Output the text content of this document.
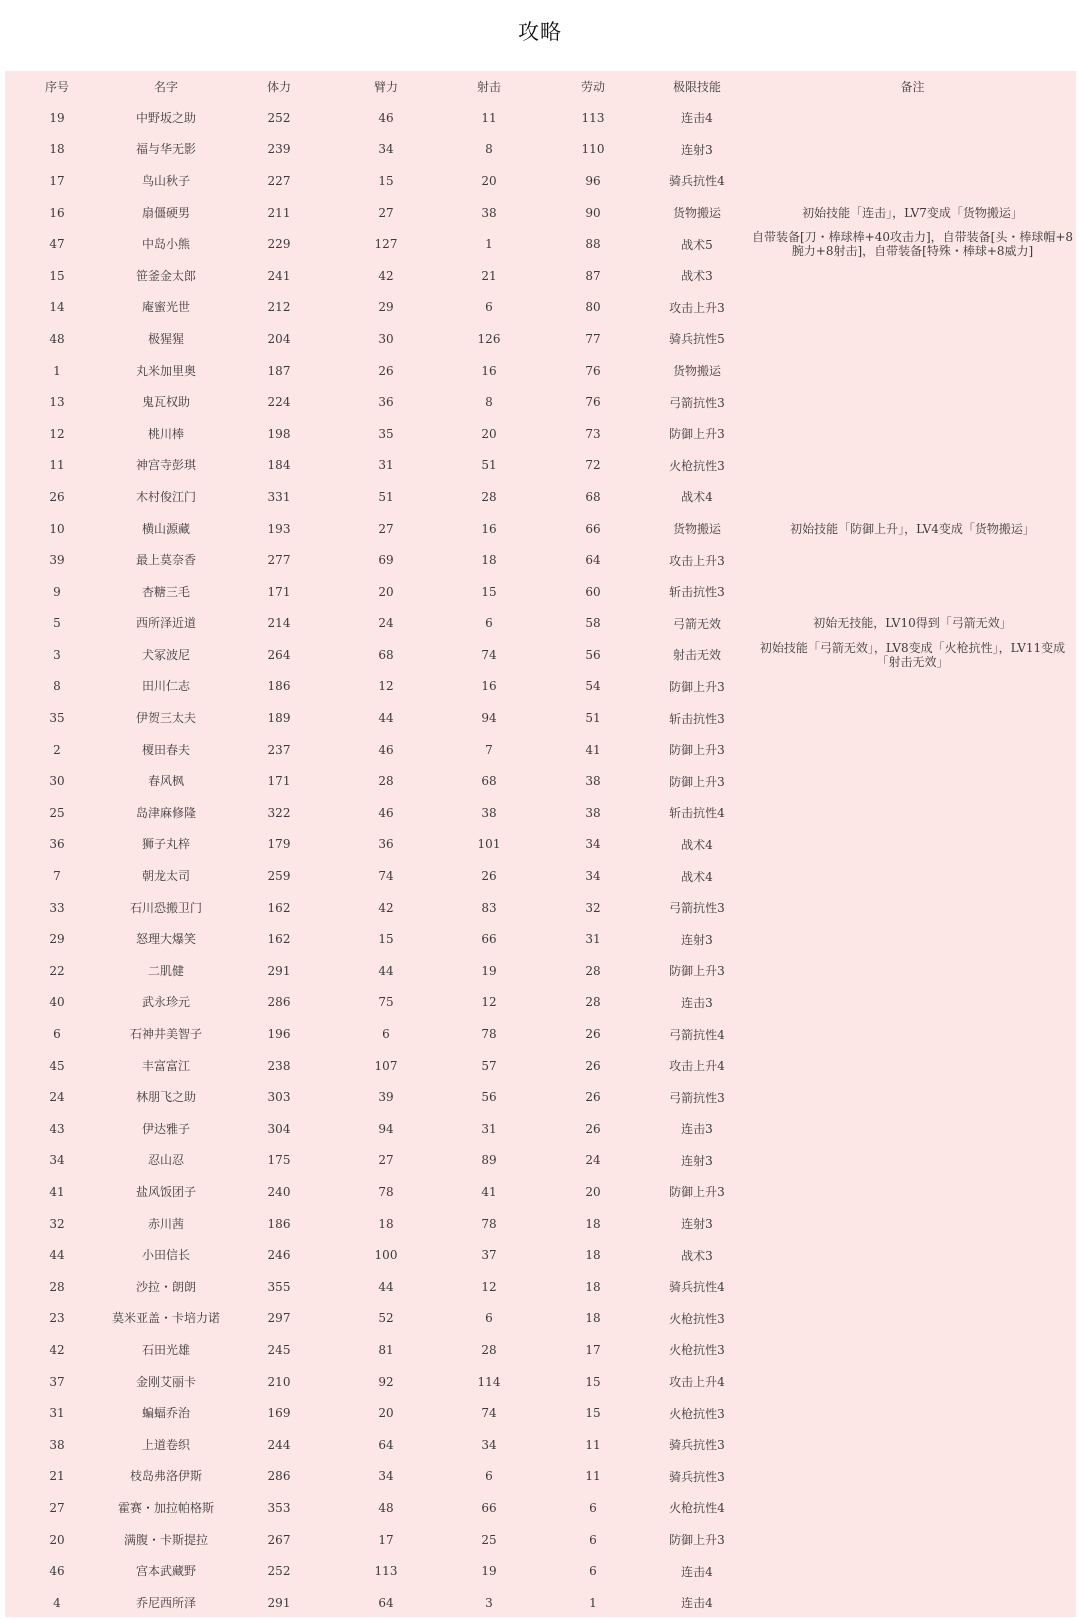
攻略
序号	名字	体力	臂力	射击	劳动	极限技能	备注
19	中野坂之助	252	46	11	113	连击4	
18	福与华无影	239	34	8	110	连射3	
17	鸟山秋子	227	15	20	96	骑兵抗性4	
16	扇僵硬男	211	27	38	90	货物搬运	初始技能「连击」，LV7变成「货物搬运」
47	中岛小熊	229	127	1	88	战术5	自带装备[刀・棒球棒+40攻击力]，自带装备[头・棒球帽+8腕力+8射击]，自带装备[特殊・棒球+8威力]
15	笹釜金太郎	241	42	21	87	战术3	
14	庵蜜光世	212	29	6	80	攻击上升3	
48	极猩猩	204	30	126	77	骑兵抗性5	
1	丸米加里奥	187	26	16	76	货物搬运	
13	鬼瓦权助	224	36	8	76	弓箭抗性3	
12	桃川棒	198	35	20	73	防御上升3	
11	神宫寺彭琪	184	31	51	72	火枪抗性3	
26	木村俊江门	331	51	28	68	战术4	
10	横山源藏	193	27	16	66	货物搬运	初始技能「防御上升」，LV4变成「货物搬运」
39	最上莫奈香	277	69	18	64	攻击上升3	
9	杏糖三毛	171	20	15	60	斩击抗性3	
5	西所泽近道	214	24	6	58	弓箭无效	初始无技能，LV10得到「弓箭无效」
3	犬冢波尼	264	68	74	56	射击无效	初始技能「弓箭无效」，LV8变成「火枪抗性」，LV11变成「射击无效」
8	田川仁志	186	12	16	54	防御上升3	
35	伊贺三太夫	189	44	94	51	斩击抗性3	
2	榎田春夫	237	46	7	41	防御上升3	
30	春风枫	171	28	68	38	防御上升3	
25	岛津麻修隆	322	46	38	38	斩击抗性4	
36	狮子丸梓	179	36	101	34	战术4	
7	朝龙太司	259	74	26	34	战术4	
33	石川恐搬卫门	162	42	83	32	弓箭抗性3	
29	怒理大爆笑	162	15	66	31	连射3	
22	二肌健	291	44	19	28	防御上升3	
40	武永珍元	286	75	12	28	连击3	
6	石神井美智子	196	6	78	26	弓箭抗性4	
45	丰富富江	238	107	57	26	攻击上升4	
24	林朋飞之助	303	39	56	26	弓箭抗性3	
43	伊达雅子	304	94	31	26	连击3	
34	忍山忍	175	27	89	24	连射3	
41	盐风饭团子	240	78	41	20	防御上升3	
32	赤川茜	186	18	78	18	连射3	
44	小田信长	246	100	37	18	战术3	
28	沙拉・朗朗	355	44	12	18	骑兵抗性4	
23	莫米亚盖・卡培力诺	297	52	6	18	火枪抗性3	
42	石田光雄	245	81	28	17	火枪抗性3	
37	金刚艾丽卡	210	92	114	15	攻击上升4	
31	蝙蝠乔治	169	20	74	15	火枪抗性3	
38	上道卷织	244	64	34	11	骑兵抗性3	
21	枝岛弗洛伊斯	286	34	6	11	骑兵抗性3	
27	霍赛・加拉帕格斯	353	48	66	6	火枪抗性4	
20	满腹・卡斯提拉	267	17	25	6	防御上升3	
46	宫本武藏野	252	113	19	6	连击4	
4	乔尼西所泽	291	64	3	1	连击4	
